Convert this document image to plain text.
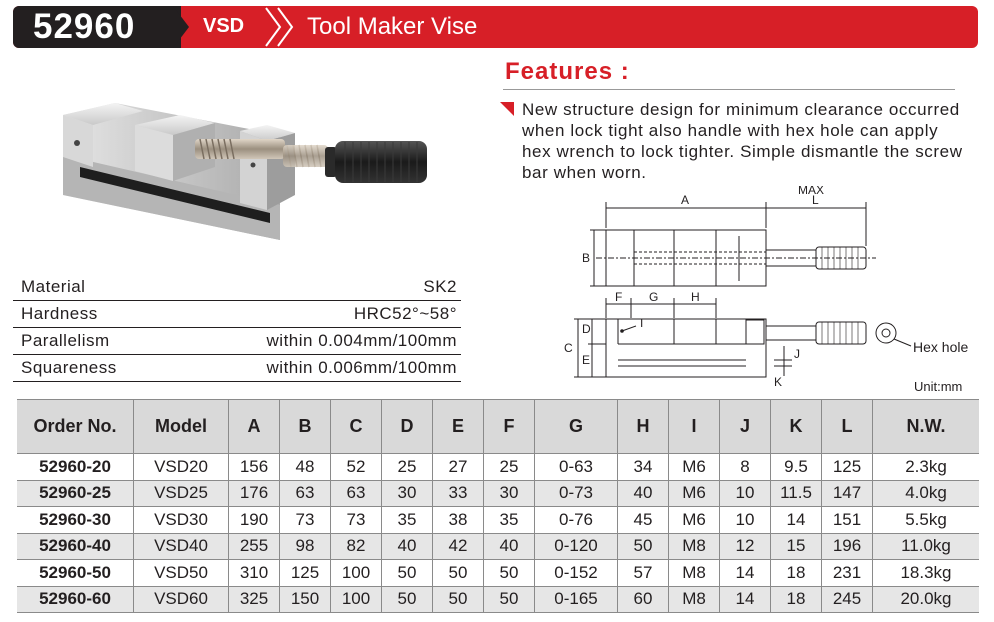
52960	VSD	Tool Maker Vise
Material	SK2
Hardness	HRC52°~58°
Parallelism	within 0.004mm/100mm
Squareness	within 0.006mm/100mm
Features :
New structure design for minimum clearance occurred when lock tight also handle with hex hole can apply hex wrench to lock tighter. Simple dismantle the screw bar when worn.
A
MAX
L
B
F G	H
I
C
D
E	J
K
Hex hole
Unit:mm
Order No.	Model	A	B	C	D	E	F	G	H	I	J	K	L	N.W.
52960-20	VSD20	156	48	52	25	27	25	0-63	34	M6	8	9.5	125	2.3kg
52960-25	VSD25	176	63	63	30	33	30	0-73	40	M6	10	11.5	147	4.0kg
52960-30	VSD30	190	73	73	35	38	35	0-76	45	M6	10	14	151	5.5kg
52960-40	VSD40	255	98	82	40	42	40	0-120	50	M8	12	15	196	11.0kg
52960-50	VSD50	310	125	100	50	50	50	0-152	57	M8	14	18	231	18.3kg
52960-60	VSD60	325	150	100	50	50	50	0-165	60	M8	14	18	245	20.0kg
